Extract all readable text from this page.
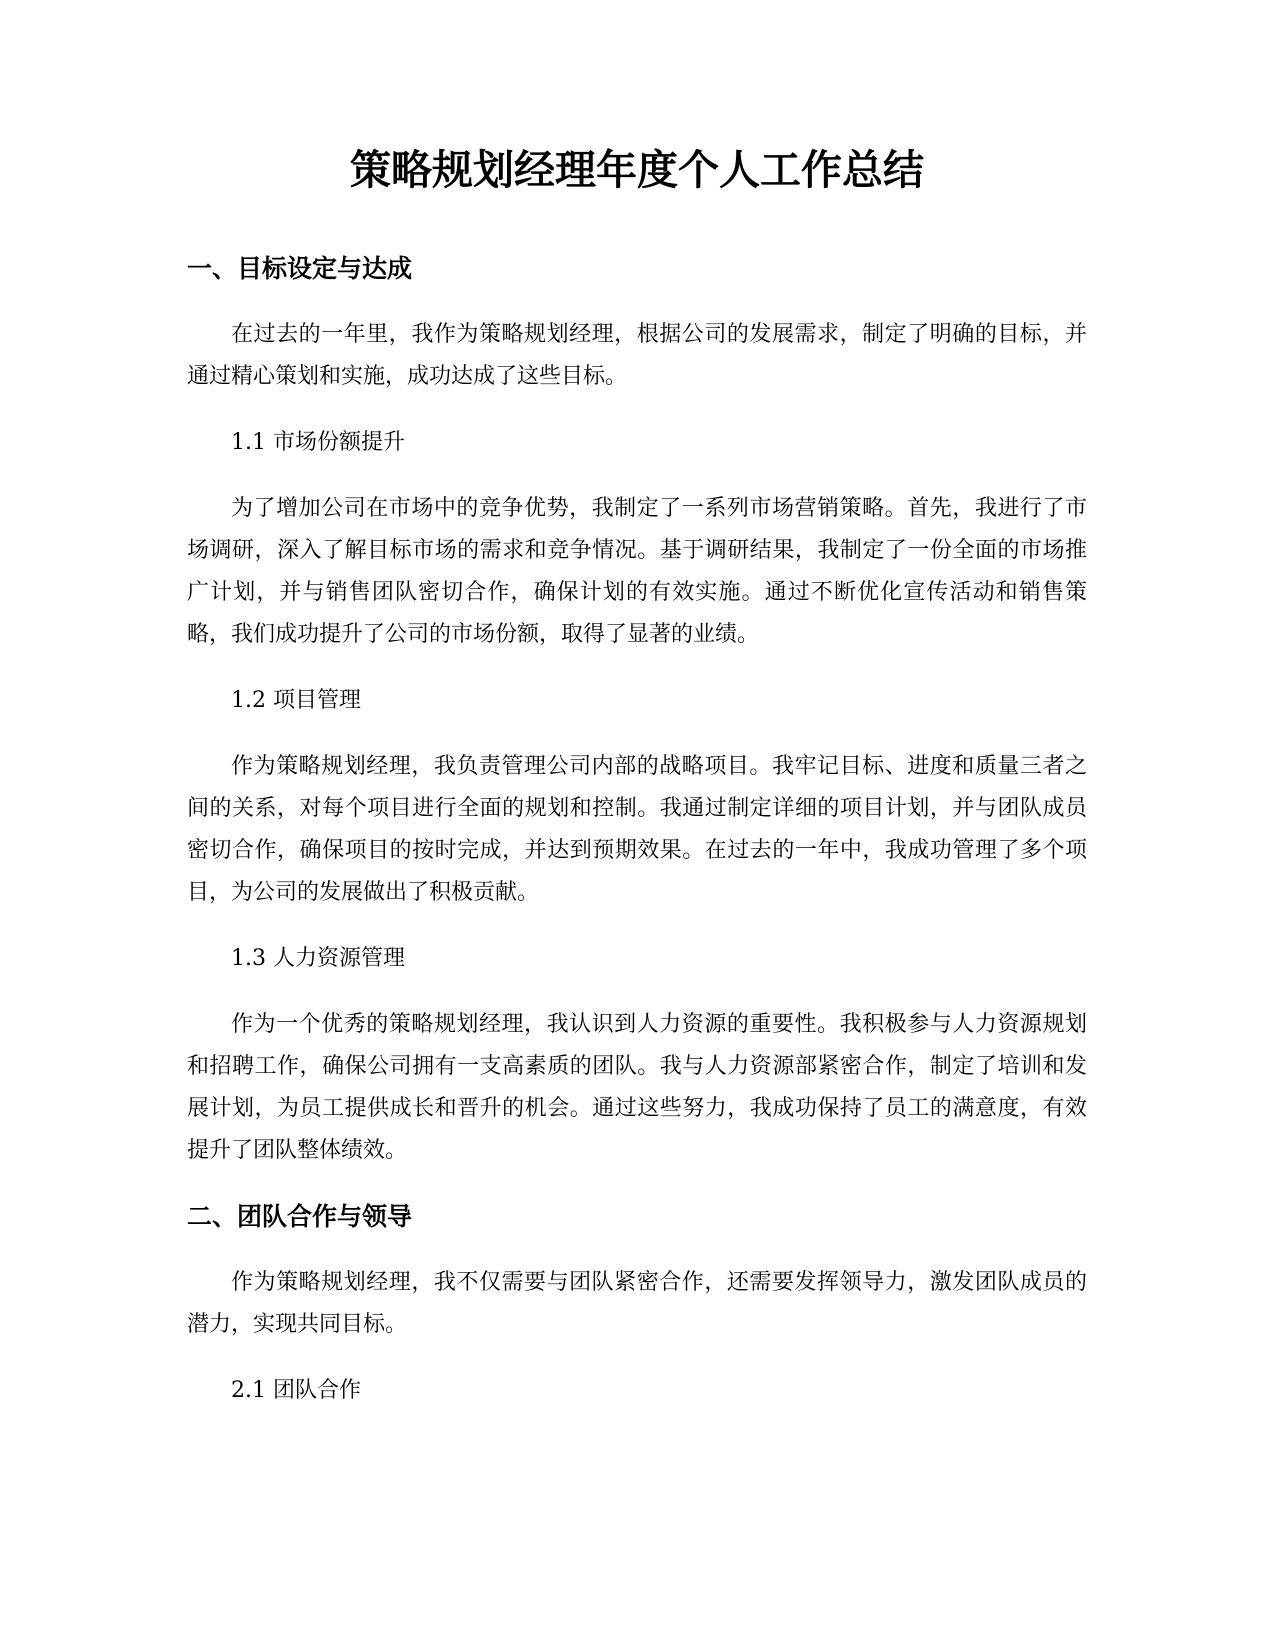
策略规划经理年度个人工作总结
一、目标设定与达成

在过去的一年里，我作为策略规划经理，根据公司的发展需求，制定了明确的目标，并通过精心策划和实施，成功达成了这些目标。

1.1 市场份额提升

为了增加公司在市场中的竞争优势，我制定了一系列市场营销策略。首先，我进行了市场调研，深入了解目标市场的需求和竞争情况。基于调研结果，我制定了一份全面的市场推广计划，并与销售团队密切合作，确保计划的有效实施。通过不断优化宣传活动和销售策略，我们成功提升了公司的市场份额，取得了显著的业绩。

1.2 项目管理

作为策略规划经理，我负责管理公司内部的战略项目。我牢记目标、进度和质量三者之间的关系，对每个项目进行全面的规划和控制。我通过制定详细的项目计划，并与团队成员密切合作，确保项目的按时完成，并达到预期效果。在过去的一年中，我成功管理了多个项目，为公司的发展做出了积极贡献。

1.3 人力资源管理

作为一个优秀的策略规划经理，我认识到人力资源的重要性。我积极参与人力资源规划和招聘工作，确保公司拥有一支高素质的团队。我与人力资源部紧密合作，制定了培训和发展计划，为员工提供成长和晋升的机会。通过这些努力，我成功保持了员工的满意度，有效提升了团队整体绩效。

二、团队合作与领导

作为策略规划经理，我不仅需要与团队紧密合作，还需要发挥领导力，激发团队成员的潜力，实现共同目标。

2.1 团队合作
